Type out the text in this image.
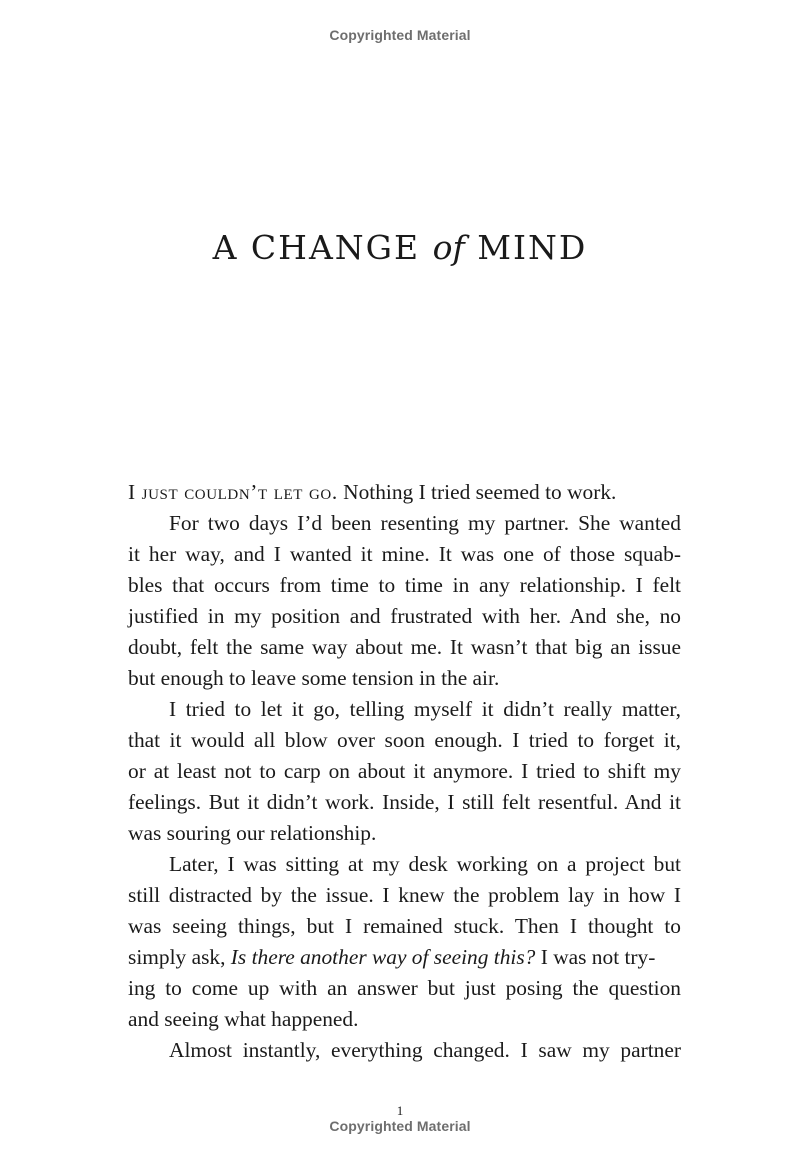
Copyrighted Material
A CHANGE of MIND
I just couldn’t let go. Nothing I tried seemed to work.
For two days I’d been resenting my partner. She wanted
it her way, and I wanted it mine. It was one of those squab-
bles that occurs from time to time in any relationship. I felt
justified in my position and frustrated with her. And she, no
doubt, felt the same way about me. It wasn’t that big an issue
but enough to leave some tension in the air.
I tried to let it go, telling myself it didn’t really matter,
that it would all blow over soon enough. I tried to forget it,
or at least not to carp on about it anymore. I tried to shift my
feelings. But it didn’t work. Inside, I still felt resentful. And it
was souring our relationship.
Later, I was sitting at my desk working on a project but
still distracted by the issue. I knew the problem lay in how I
was seeing things, but I remained stuck. Then I thought to
simply ask, Is there another way of seeing this? I was not try-
ing to come up with an answer but just posing the question
and seeing what happened.
Almost instantly, everything changed. I saw my partner
1
Copyrighted Material
